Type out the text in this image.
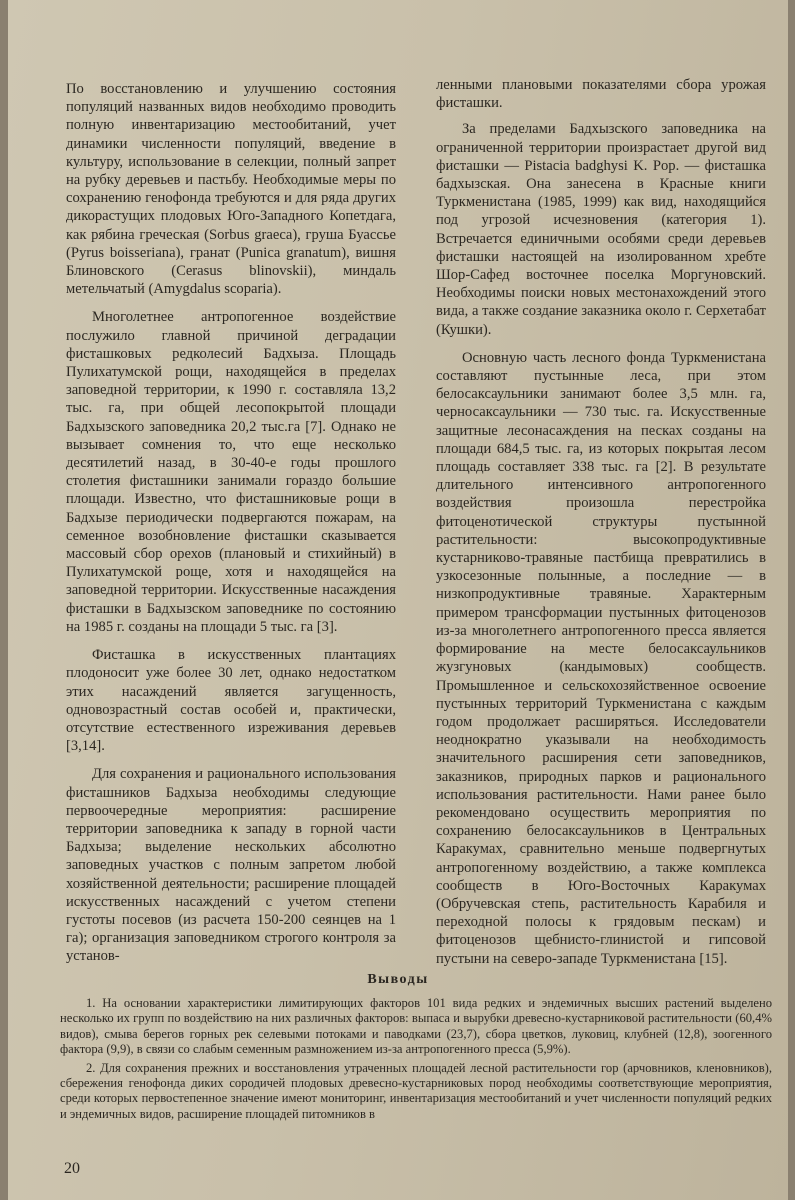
По восстановлению и улучшению состояния популяций названных видов необходимо проводить полную инвентаризацию местообитаний, учет динамики численности популяций, введение в культуру, использование в селекции, полный запрет на рубку деревьев и пастьбу. Необходимые меры по сохранению генофонда требуются и для ряда других дикорастущих плодовых Юго-Западного Копетдага, как рябина греческая (Sorbus graeca), груша Буассье (Pyrus boisseriana), гранат (Punica granatum), вишня Блиновского (Cerasus blinovskii), миндаль метельчатый (Amygdalus scoparia).

Многолетнее антропогенное воздействие послужило главной причиной деградации фисташковых редколесий Бадхыза. Площадь Пулихатумской рощи, находящейся в пределах заповедной территории, к 1990 г. составляла 13,2 тыс. га, при общей лесопокрытой площади Бадхызского заповедника 20,2 тыс.га [7]. Однако не вызывает сомнения то, что еще несколько десятилетий назад, в 30-40-е годы прошлого столетия фисташники занимали гораздо большие площади. Известно, что фисташниковые рощи в Бадхызе периодически подвергаются пожарам, на семенное возобновление фисташки сказывается массовый сбор орехов (плановый и стихийный) в Пулихатумской роще, хотя и находящейся на заповедной территории. Искусственные насаждения фисташки в Бадхызском заповеднике по состоянию на 1985 г. созданы на площади 5 тыс. га [3].

Фисташка в искусственных плантациях плодоносит уже более 30 лет, однако недостатком этих насаждений является загущенность, одновозрастный состав особей и, практически, отсутствие естественного изреживания деревьев [3,14].

Для сохранения и рационального использования фисташников Бадхыза необходимы следующие первоочередные мероприятия: расширение территории заповедника к западу в горной части Бадхыза; выделение нескольких абсолютно заповедных участков с полным запретом любой хозяйственной деятельности; расширение площадей искусственных насаждений с учетом степени густоты посевов (из расчета 150-200 сеянцев на 1 га); организация заповедником строгого контроля за установ-

ленными плановыми показателями сбора урожая фисташки.

За пределами Бадхызского заповедника на ограниченной территории произрастает другой вид фисташки — Pistacia badghysi K. Pop. — фисташка бадхызская. Она занесена в Красные книги Туркменистана (1985, 1999) как вид, находящийся под угрозой исчезновения (категория 1). Встречается единичными особями среди деревьев фисташки настоящей на изолированном хребте Шор-Сафед восточнее поселка Моргуновский. Необходимы поиски новых местонахождений этого вида, а также создание заказника около г. Серхетабат (Кушки).

Основную часть лесного фонда Туркменистана составляют пустынные леса, при этом белосаксаульники занимают более 3,5 млн. га, черносаксаульники — 730 тыс. га. Искусственные защитные лесонасаждения на песках созданы на площади 684,5 тыс. га, из которых покрытая лесом площадь составляет 338 тыс. га [2]. В результате длительного интенсивного антропогенного воздействия произошла перестройка фитоценотической структуры пустынной растительности: высокопродуктивные кустарниково-травяные пастбища превратились в узкосезонные полынные, а последние — в низкопродуктивные травяные. Характерным примером трансформации пустынных фитоценозов из-за многолетнего антропогенного пресса является формирование на месте белосаксаульников жузгуновых (кандымовых) сообществ. Промышленное и сельскохозяйственное освоение пустынных территорий Туркменистана с каждым годом продолжает расширяться. Исследователи неоднократно указывали на необходимость значительного расширения сети заповедников, заказников, природных парков и рационального использования растительности. Нами ранее было рекомендовано осуществить мероприятия по сохранению белосаксаульников в Центральных Каракумах, сравнительно меньше подвергнутых антропогенному воздействию, а также комплекса сообществ в Юго-Восточных Каракумах (Обручевская степь, растительность Карабиля и переходной полосы к грядовым пескам) и фитоценозов щебнисто-глинистой и гипсовой пустыни на северо-западе Туркменистана [15].

Выводы

1. На основании характеристики лимитирующих факторов 101 вида редких и эндемичных высших растений выделено несколько их групп по воздействию на них различных факторов: выпаса и вырубки древесно-кустарниковой растительности (60,4% видов), смыва берегов горных рек селевыми потоками и паводками (23,7), сбора цветков, луковиц, клубней (12,8), зоогенного фактора (9,9), в связи со слабым семенным размножением из-за антропогенного пресса (5,9%).

2. Для сохранения прежних и восстановления утраченных площадей лесной растительности гор (арчовников, кленовников), сбережения генофонда диких сородичей плодовых древесно-кустарниковых пород необходимы соответствующие мероприятия, среди которых первостепенное значение имеют мониторинг, инвентаризация местообитаний и учет численности популяций редких и эндемичных видов, расширение площадей питомников в

20
